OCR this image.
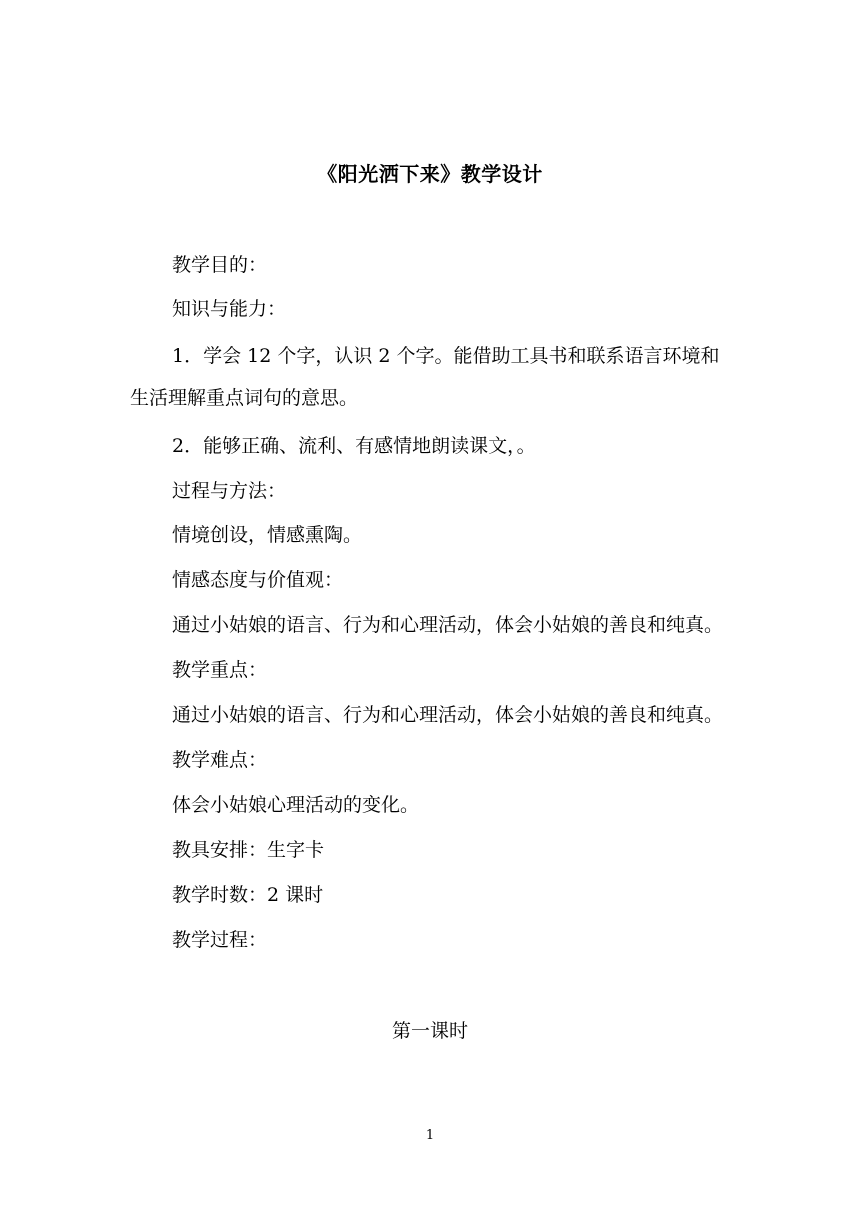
《阳光洒下来》教学设计
教学目的：
知识与能力：
1．学会 12 个字，认识 2 个字。能借助工具书和联系语言环境和
生活理解重点词句的意思。
2．能够正确、流利、有感情地朗读课文，。
过程与方法：
情境创设，情感熏陶。
情感态度与价值观：
通过小姑娘的语言、行为和心理活动，体会小姑娘的善良和纯真。
教学重点：
通过小姑娘的语言、行为和心理活动，体会小姑娘的善良和纯真。
教学难点：
体会小姑娘心理活动的变化。
教具安排：生字卡
教学时数：2 课时
教学过程：
第一课时
1
